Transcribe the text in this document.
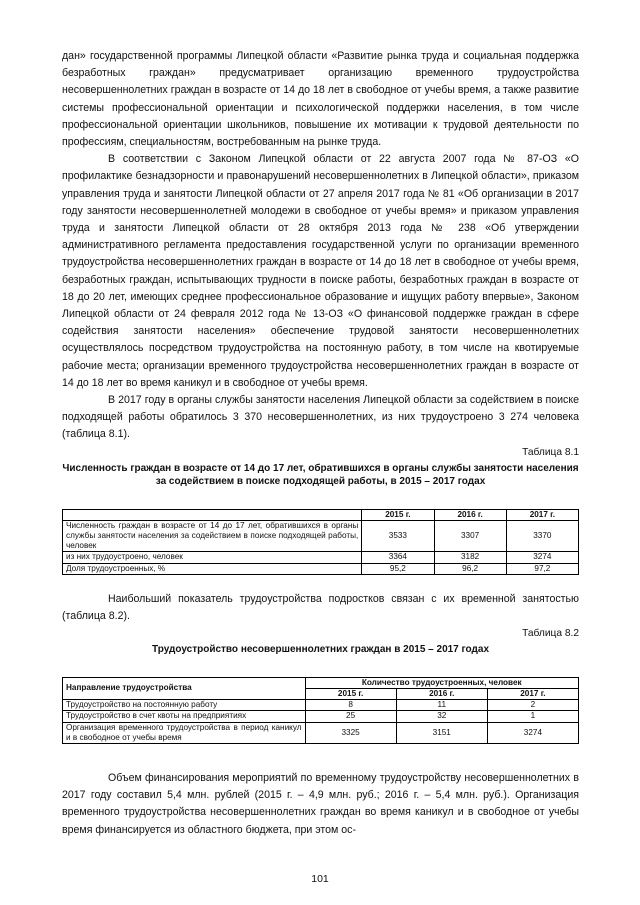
дан» государственной программы Липецкой области «Развитие рынка труда и социальная поддержка безработных граждан» предусматривает организацию временного трудоустройства несовершеннолетних граждан в возрасте от 14 до 18 лет в свободное от учебы время, а также развитие системы профессиональной ориентации и психологической поддержки населения, в том числе профессиональной ориентации школьников, повышение их мотивации к трудовой деятельности по профессиям, специальностям, востребованным на рынке труда.

В соответствии с Законом Липецкой области от 22 августа 2007 года № 87-ОЗ «О профилактике безнадзорности и правонарушений несовершеннолетних в Липецкой области», приказом управления труда и занятости Липецкой области от 27 апреля 2017 года № 81 «Об организации в 2017 году занятости несовершеннолетней молодежи в свободное от учебы время» и приказом управления труда и занятости Липецкой области от 28 октября 2013 года № 238 «Об утверждении административного регламента предоставления государственной услуги по организации временного трудоустройства несовершеннолетних граждан в возрасте от 14 до 18 лет в свободное от учебы время, безработных граждан, испытывающих трудности в поиске работы, безработных граждан в возрасте от 18 до 20 лет, имеющих среднее профессиональное образование и ищущих работу впервые», Законом Липецкой области от 24 февраля 2012 года № 13-ОЗ «О финансовой поддержке граждан в сфере содействия занятости населения» обеспечение трудовой занятости несовершеннолетних осуществлялось посредством трудоустройства на постоянную работу, в том числе на квотируемые рабочие места; организации временного трудоустройства несовершеннолетних граждан в возрасте от 14 до 18 лет во время каникул и в свободное от учебы время.

В 2017 году в органы службы занятости населения Липецкой области за содействием в поиске подходящей работы обратилось 3 370 несовершеннолетних, из них трудоустроено 3 274 человека (таблица 8.1).

Таблица 8.1
Численность граждан в возрасте от 14 до 17 лет, обратившихся в органы службы занятости населения за содействием в поиске подходящей работы, в 2015 – 2017 годах
	2015 г.	2016 г.	2017 г.
Численность граждан в возрасте от 14 до 17 лет, обратившихся в органы службы занятости населения за содействием в поиске подходящей работы, человек	3533	3307	3370
из них трудоустроено, человек	3364	3182	3274
Доля трудоустроенных, %	95,2	96,2	97,2

Наибольший показатель трудоустройства подростков связан с их временной занятостью (таблица 8.2).

Таблица 8.2
Трудоустройство несовершеннолетних граждан в 2015 – 2017 годах
Направление трудоустройства	Количество трудоустроенных, человек		
	2015 г.	2016 г.	2017 г.
Трудоустройство на постоянную работу	8	11	2
Трудоустройство в счет квоты на предприятиях	25	32	1
Организация временного трудоустройства в период каникул и в свободное от учебы время	3325	3151	3274

Объем финансирования мероприятий по временному трудоустройству несовершеннолетних в 2017 году составил 5,4 млн. рублей (2015 г. – 4,9 млн. руб.; 2016 г. – 5,4 млн. руб.). Организация временного трудоустройства несовершеннолетних граждан во время каникул и в свободное от учебы время финансируется из областного бюджета, при этом ос-

101
